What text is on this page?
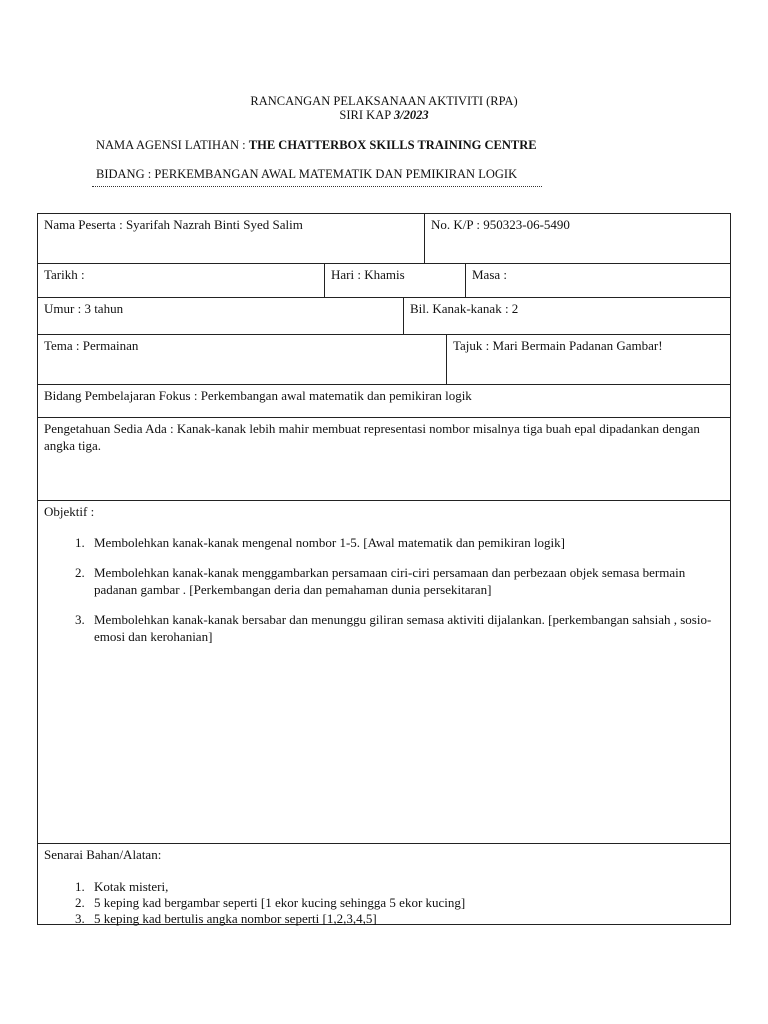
RANCANGAN PELAKSANAAN AKTIVITI (RPA)
SIRI KAP 3/2023
NAMA AGENSI LATIHAN : THE CHATTERBOX SKILLS TRAINING CENTRE
BIDANG : PERKEMBANGAN AWAL MATEMATIK DAN PEMIKIRAN LOGIK
Nama Peserta : Syarifah Nazrah Binti Syed Salim	No. K/P : 950323-06-5490
Tarikh :	Hari : Khamis	Masa :
Umur : 3 tahun	Bil. Kanak-kanak : 2
Tema : Permainan	Tajuk : Mari Bermain Padanan Gambar!
Bidang Pembelajaran Fokus : Perkembangan awal matematik dan pemikiran logik
Pengetahuan Sedia Ada : Kanak-kanak lebih mahir membuat representasi nombor misalnya tiga buah epal dipadankan dengan angka tiga.
Objektif :
1. Membolehkan kanak-kanak mengenal nombor 1-5. [Awal matematik dan pemikiran logik]
2. Membolehkan kanak-kanak menggambarkan persamaan ciri-ciri persamaan dan perbezaan objek semasa bermain padanan gambar . [Perkembangan deria dan pemahaman dunia persekitaran]
3. Membolehkan kanak-kanak bersabar dan menunggu giliran semasa aktiviti dijalankan. [perkembangan sahsiah , sosio-emosi dan kerohanian]
Senarai Bahan/Alatan:
1. Kotak misteri,
2. 5 keping kad bergambar seperti [1 ekor kucing sehingga 5 ekor kucing]
3. 5 keping kad bertulis angka nombor seperti [1,2,3,4,5]
